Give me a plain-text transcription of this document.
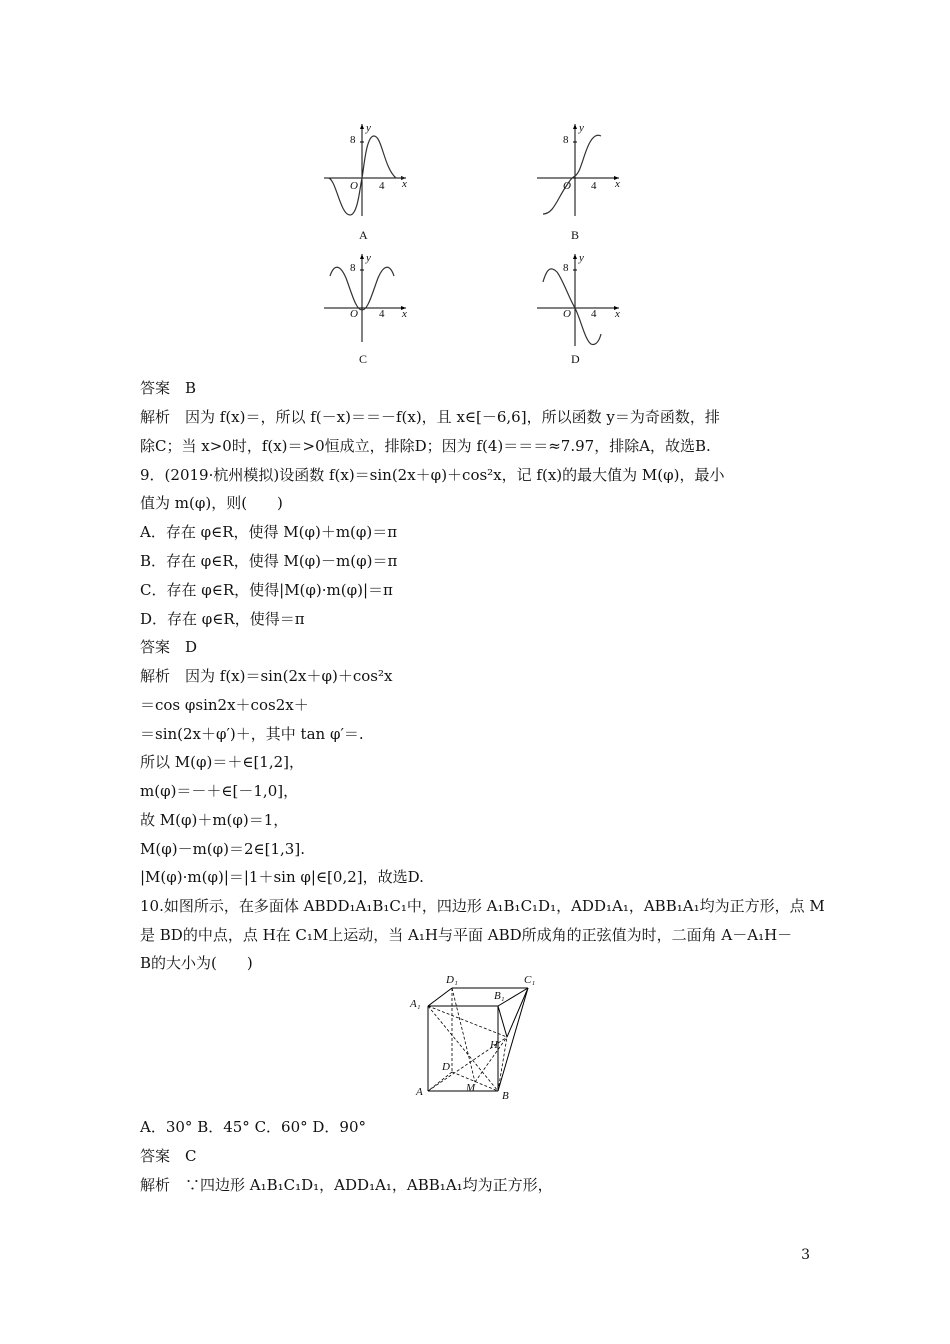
8
y
O 4 x
A
8
y
O 4 x
B
8
y
O 4 x
C
8
y
O 4 x
D
答案　B
解析　因为 f(x)＝，所以 f(－x)＝＝－f(x)，且 x∈[－6,6]，所以函数 y＝为奇函数，排
除C；当 x>0时，f(x)＝>0恒成立，排除D；因为 f(4)＝＝＝≈7.97，排除A，故选B.
9．(2019·杭州模拟)设函数 f(x)＝sin(2x＋φ)＋cos²x，记 f(x)的最大值为 M(φ)，最小
值为 m(φ)，则(　　)
A．存在 φ∈R，使得 M(φ)＋m(φ)＝π
B．存在 φ∈R，使得 M(φ)－m(φ)＝π
C．存在 φ∈R，使得|M(φ)·m(φ)|＝π
D．存在 φ∈R，使得＝π
答案　D
解析　因为 f(x)＝sin(2x＋φ)＋cos²x
＝cos φsin2x＋cos2x＋
＝sin(2x＋φ′)＋，其中 tan φ′＝.
所以 M(φ)＝＋∈[1,2]，
m(φ)＝－＋∈[－1,0]，
故 M(φ)＋m(φ)＝1，
M(φ)－m(φ)＝2∈[1,3].
|M(φ)·m(φ)|＝|1＋sin φ|∈[0,2]，故选D.
10.如图所示，在多面体 ABDD₁A₁B₁C₁中，四边形 A₁B₁C₁D₁，ADD₁A₁，ABB₁A₁均为正方形，点 M
是 BD的中点，点 H在 C₁M上运动，当 A₁H与平面 ABD所成角的正弦值为时，二面角 A－A₁H－
B的大小为(　　)
D₁
B₁
C₁
A₁
H
D
A	M
B
A．30° B．45° C．60° D．90°
答案　C
解析　∵四边形 A₁B₁C₁D₁，ADD₁A₁，ABB₁A₁均为正方形，
3
